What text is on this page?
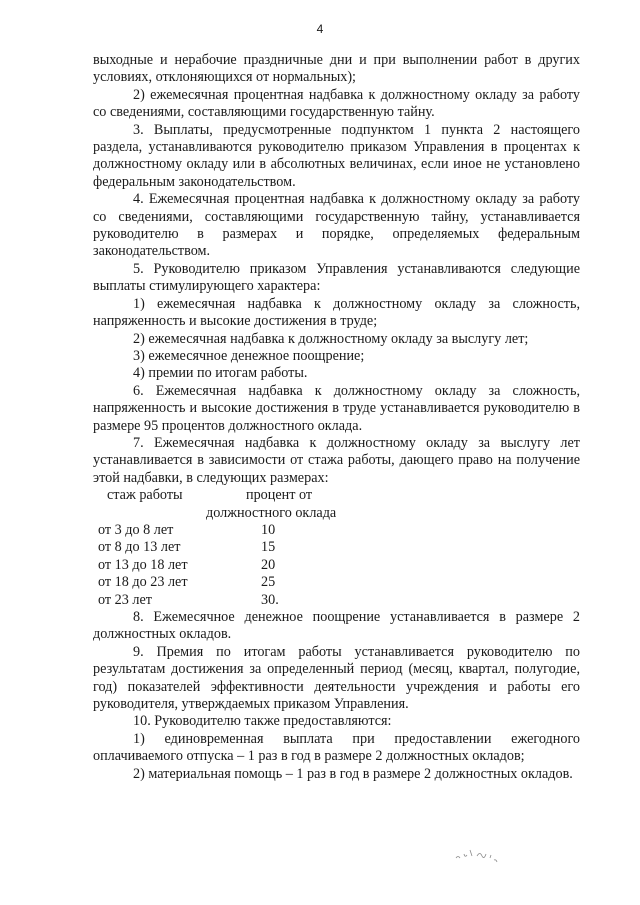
4

выходные и нерабочие праздничные дни и при выполнении работ в других условиях, отклоняющихся от нормальных);

2) ежемесячная процентная надбавка к должностному окладу за работу со сведениями, составляющими государственную тайну.

3. Выплаты, предусмотренные подпунктом 1 пункта 2 настоящего раздела, устанавливаются руководителю приказом Управления в процентах к должностному окладу или в абсолютных величинах, если иное не установлено федеральным законодательством.

4. Ежемесячная процентная надбавка к должностному окладу за работу со сведениями, составляющими государственную тайну, устанавливается руководителю в размерах и порядке, определяемых федеральным законодательством.

5. Руководителю приказом Управления устанавливаются следующие выплаты стимулирующего характера:

1) ежемесячная надбавка к должностному окладу за сложность, напряженность и высокие достижения в труде;

2) ежемесячная надбавка к должностному окладу за выслугу лет;

3) ежемесячное денежное поощрение;

4) премии по итогам работы.

6. Ежемесячная надбавка к должностному окладу за сложность, напряженность и высокие достижения в труде устанавливается руководителю в размере 95 процентов должностного оклада.

7. Ежемесячная надбавка к должностному окладу за выслугу лет устанавливается в зависимости от стажа работы, дающего право на получение этой надбавки, в следующих размерах:

стаж работы	процент от
должностного оклада
от 3 до 8 лет	10
от 8 до 13 лет	15
от 13 до 18 лет	20
от 18 до 23 лет	25
от 23 лет	30.

8. Ежемесячное денежное поощрение устанавливается в размере 2 должностных окладов.

9. Премия по итогам работы устанавливается руководителю по результатам достижения за определенный период (месяц, квартал, полугодие, год) показателей эффективности деятельности учреждения и работы его руководителя, утверждаемых приказом Управления.

10. Руководителю также предоставляются:

1) единовременная выплата при предоставлении ежегодного оплачиваемого отпуска – 1 раз в год в размере 2 должностных окладов;

2) материальная помощь – 1 раз в год в размере 2 должностных окладов.
